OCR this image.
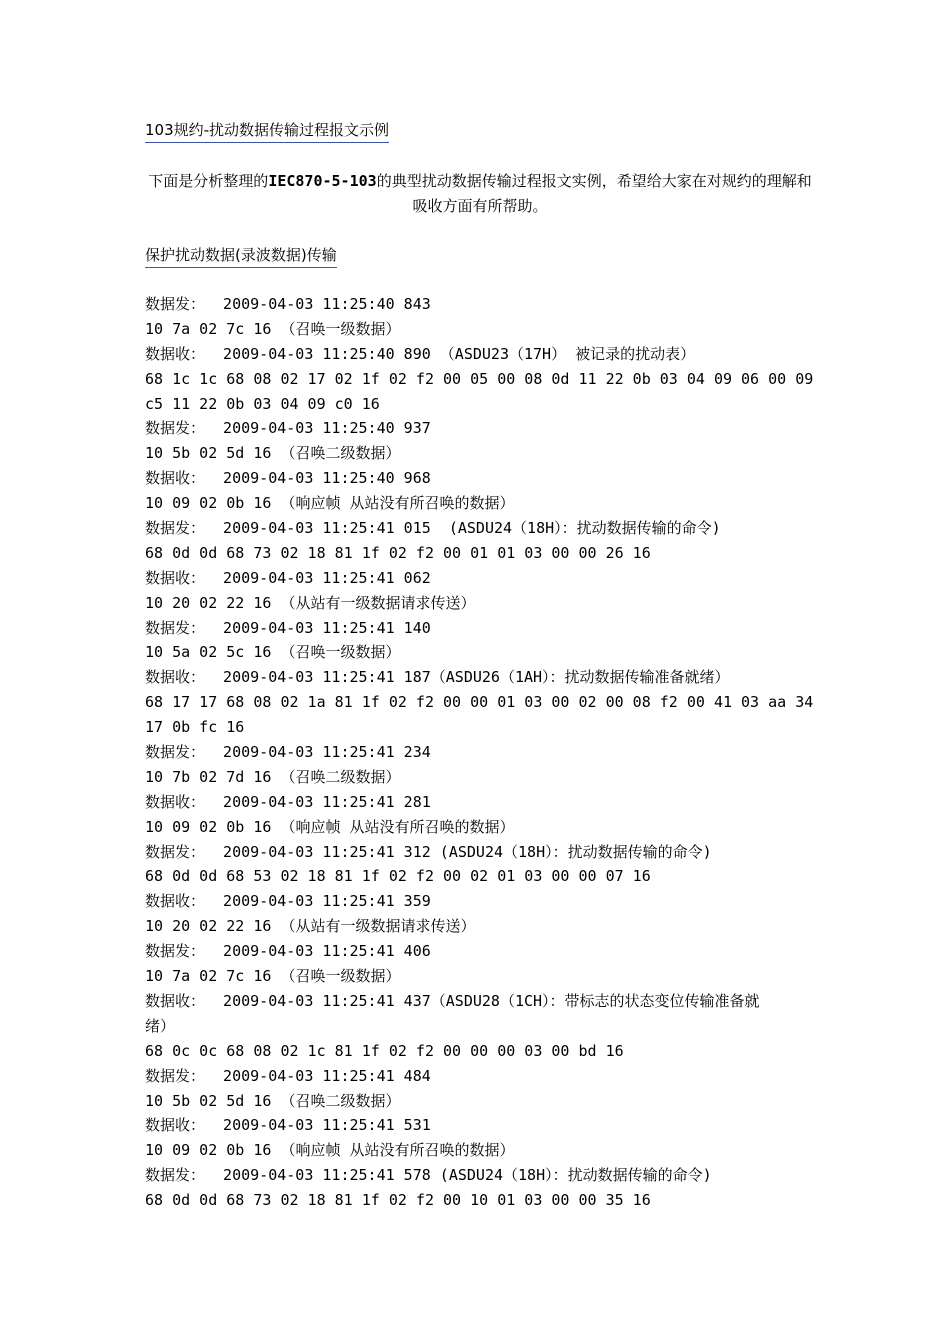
103规约-扰动数据传输过程报文示例
下面是分析整理的IEC870-5-103的典型扰动数据传输过程报文实例，希望给大家在对规约的理解和吸收方面有所帮助。
保护扰动数据(录波数据)传输
数据发：  2009-04-03 11:25:40 843
10 7a 02 7c 16 （召唤一级数据）
数据收：  2009-04-03 11:25:40 890 （ASDU23（17H） 被记录的扰动表）
68 1c 1c 68 08 02 17 02 1f 02 f2 00 05 00 08 0d 11 22 0b 03 04 09 06 00 09
c5 11 22 0b 03 04 09 c0 16
数据发：  2009-04-03 11:25:40 937
10 5b 02 5d 16 （召唤二级数据）
数据收：  2009-04-03 11:25:40 968
10 09 02 0b 16 （响应帧 从站没有所召唤的数据）
数据发：  2009-04-03 11:25:41 015  (ASDU24（18H）：扰动数据传输的命令)
68 0d 0d 68 73 02 18 81 1f 02 f2 00 01 01 03 00 00 26 16
数据收：  2009-04-03 11:25:41 062
10 20 02 22 16 （从站有一级数据请求传送）
数据发：  2009-04-03 11:25:41 140
10 5a 02 5c 16 （召唤一级数据）
数据收：  2009-04-03 11:25:41 187（ASDU26（1AH）：扰动数据传输准备就绪）
68 17 17 68 08 02 1a 81 1f 02 f2 00 00 01 03 00 02 00 08 f2 00 41 03 aa 34
17 0b fc 16
数据发：  2009-04-03 11:25:41 234
10 7b 02 7d 16 （召唤二级数据）
数据收：  2009-04-03 11:25:41 281
10 09 02 0b 16 （响应帧 从站没有所召唤的数据）
数据发：  2009-04-03 11:25:41 312 (ASDU24（18H）：扰动数据传输的命令)
68 0d 0d 68 53 02 18 81 1f 02 f2 00 02 01 03 00 00 07 16
数据收：  2009-04-03 11:25:41 359
10 20 02 22 16 （从站有一级数据请求传送）
数据发：  2009-04-03 11:25:41 406
10 7a 02 7c 16 （召唤一级数据）
数据收：  2009-04-03 11:25:41 437（ASDU28（1CH）：带标志的状态变位传输准备就
绪）
68 0c 0c 68 08 02 1c 81 1f 02 f2 00 00 00 03 00 bd 16
数据发：  2009-04-03 11:25:41 484
10 5b 02 5d 16 （召唤二级数据）
数据收：  2009-04-03 11:25:41 531
10 09 02 0b 16 （响应帧 从站没有所召唤的数据）
数据发：  2009-04-03 11:25:41 578 (ASDU24（18H）：扰动数据传输的命令)
68 0d 0d 68 73 02 18 81 1f 02 f2 00 10 01 03 00 00 35 16
